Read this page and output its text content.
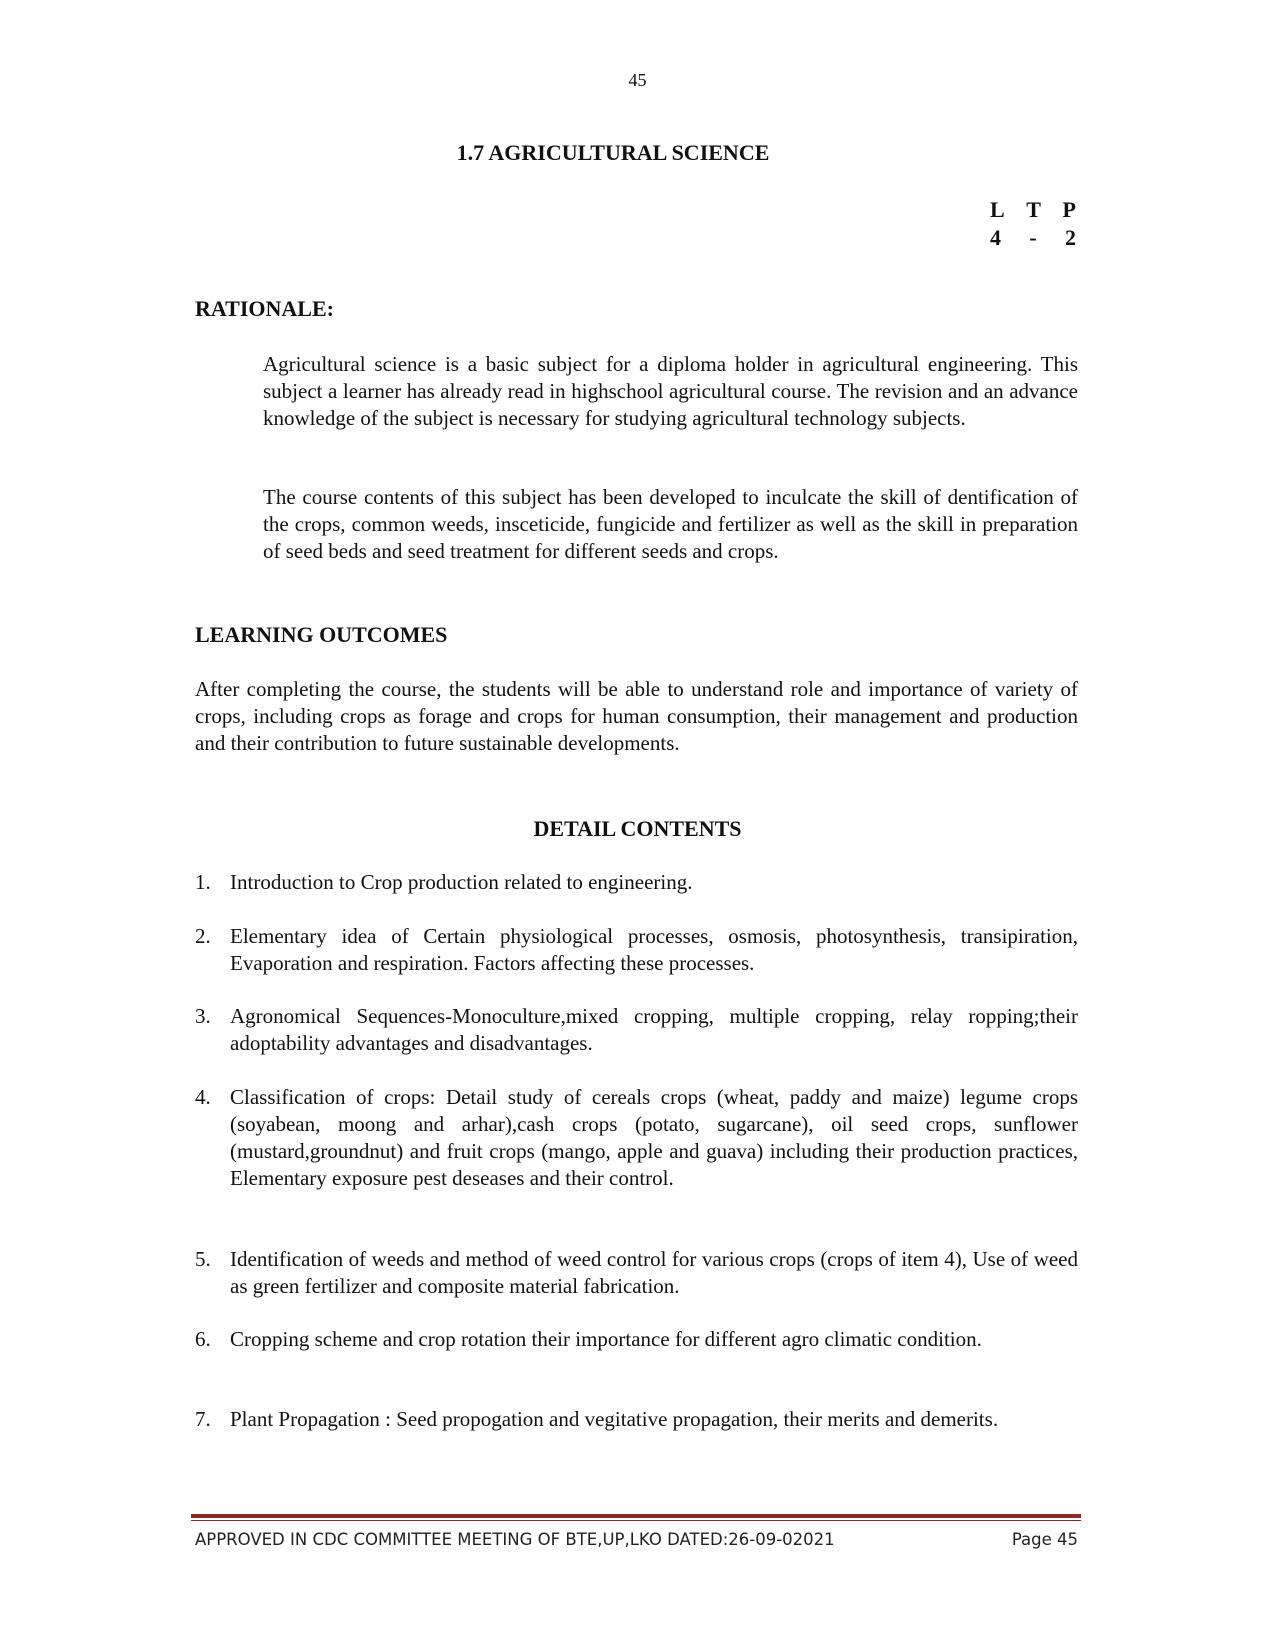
45
1.7 AGRICULTURAL SCIENCE
L T P
4 - 2
RATIONALE:
Agricultural science is a basic subject for a diploma holder in agricultural engineering. This subject a learner has already read in highschool agricultural course. The revision and an advance knowledge of the subject is necessary for studying agricultural technology subjects.
The course contents of this subject has been developed to inculcate the skill of dentification of the crops, common weeds, insceticide, fungicide and fertilizer as well as the skill in preparation of seed beds and seed treatment for different seeds and crops.
LEARNING OUTCOMES
After completing the course, the students will be able to understand role and importance of variety of crops, including crops as forage and crops for human consumption, their management and production and their contribution to future sustainable developments.
DETAIL CONTENTS
1. Introduction to Crop production related to engineering.
2. Elementary idea of Certain physiological processes, osmosis, photosynthesis, transipiration, Evaporation and respiration. Factors affecting these processes.
3. Agronomical Sequences-Monoculture,mixed cropping, multiple cropping, relay ropping;their adoptability advantages and disadvantages.
4. Classification of crops: Detail study of cereals crops (wheat, paddy and maize) legume crops (soyabean, moong and arhar),cash crops (potato, sugarcane), oil seed crops, sunflower (mustard,groundnut) and fruit crops (mango, apple and guava) including their production practices, Elementary exposure pest deseases and their control.
5. Identification of weeds and method of weed control for various crops (crops of item 4), Use of weed as green fertilizer and composite material fabrication.
6. Cropping scheme and crop rotation their importance for different agro climatic condition.
7. Plant Propagation : Seed propogation and vegitative propagation, their merits and demerits.
APPROVED IN CDC COMMITTEE MEETING OF BTE,UP,LKO DATED:26-09-02021	Page 45
